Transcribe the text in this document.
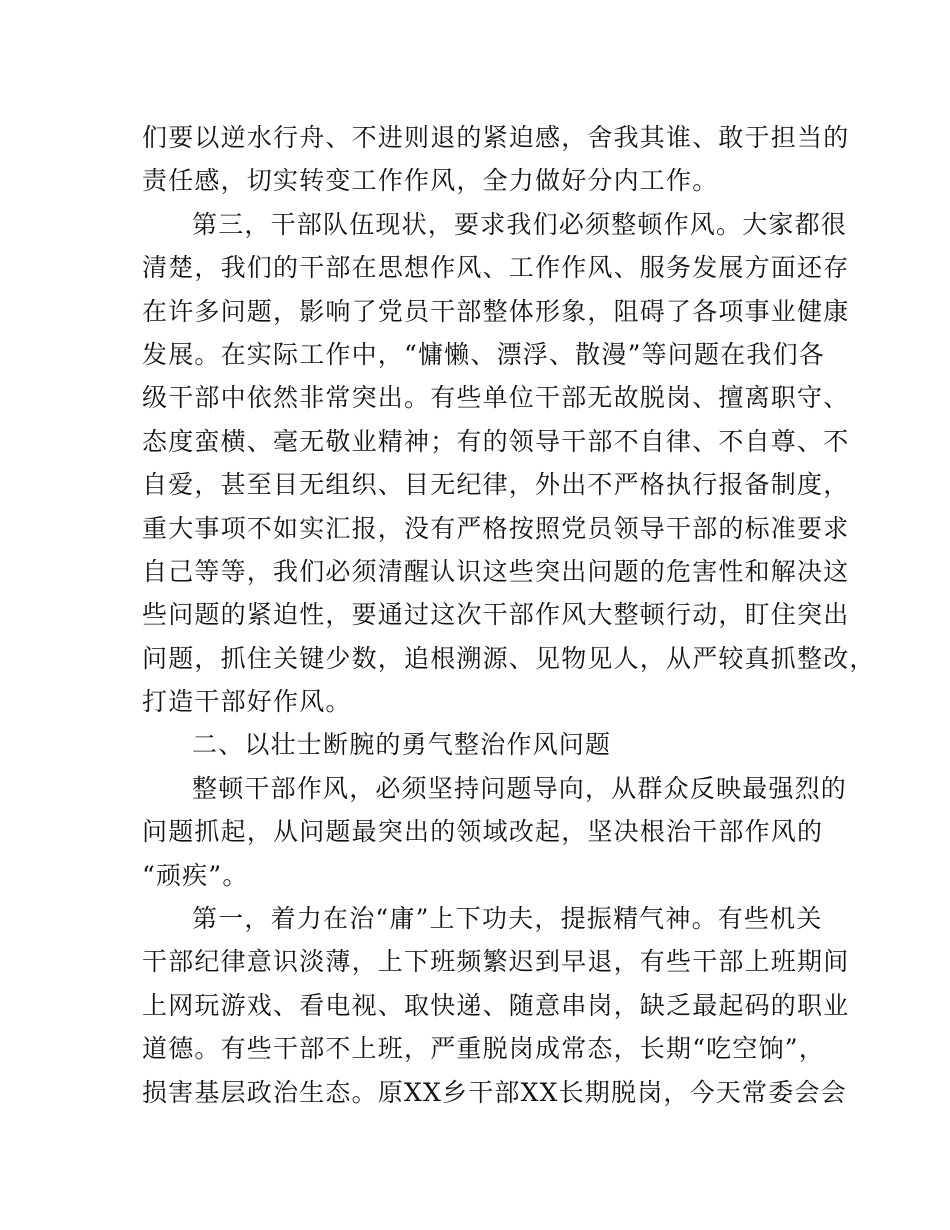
们要以逆水行舟、不进则退的紧迫感，舍我其谁、敢于担当的
责任感，切实转变工作作风，全力做好分内工作。
第三，干部队伍现状，要求我们必须整顿作风。大家都很
清楚，我们的干部在思想作风、工作作风、服务发展方面还存
在许多问题，影响了党员干部整体形象，阻碍了各项事业健康
发展。在实际工作中，“慵懒、漂浮、散漫”等问题在我们各
级干部中依然非常突出。有些单位干部无故脱岗、擅离职守、
态度蛮横、毫无敬业精神；有的领导干部不自律、不自尊、不
自爱，甚至目无组织、目无纪律，外出不严格执行报备制度，
重大事项不如实汇报，没有严格按照党员领导干部的标准要求
自己等等，我们必须清醒认识这些突出问题的危害性和解决这
些问题的紧迫性，要通过这次干部作风大整顿行动，盯住突出
问题，抓住关键少数，追根溯源、见物见人，从严较真抓整改，
打造干部好作风。
二、以壮士断腕的勇气整治作风问题
整顿干部作风，必须坚持问题导向，从群众反映最强烈的
问题抓起，从问题最突出的领域改起，坚决根治干部作风的
“顽疾”。
第一，着力在治“庸”上下功夫，提振精气神。有些机关
干部纪律意识淡薄，上下班频繁迟到早退，有些干部上班期间
上网玩游戏、看电视、取快递、随意串岗，缺乏最起码的职业
道德。有些干部不上班，严重脱岗成常态，长期“吃空饷”，
损害基层政治生态。原XX乡干部XX长期脱岗，今天常委会会
